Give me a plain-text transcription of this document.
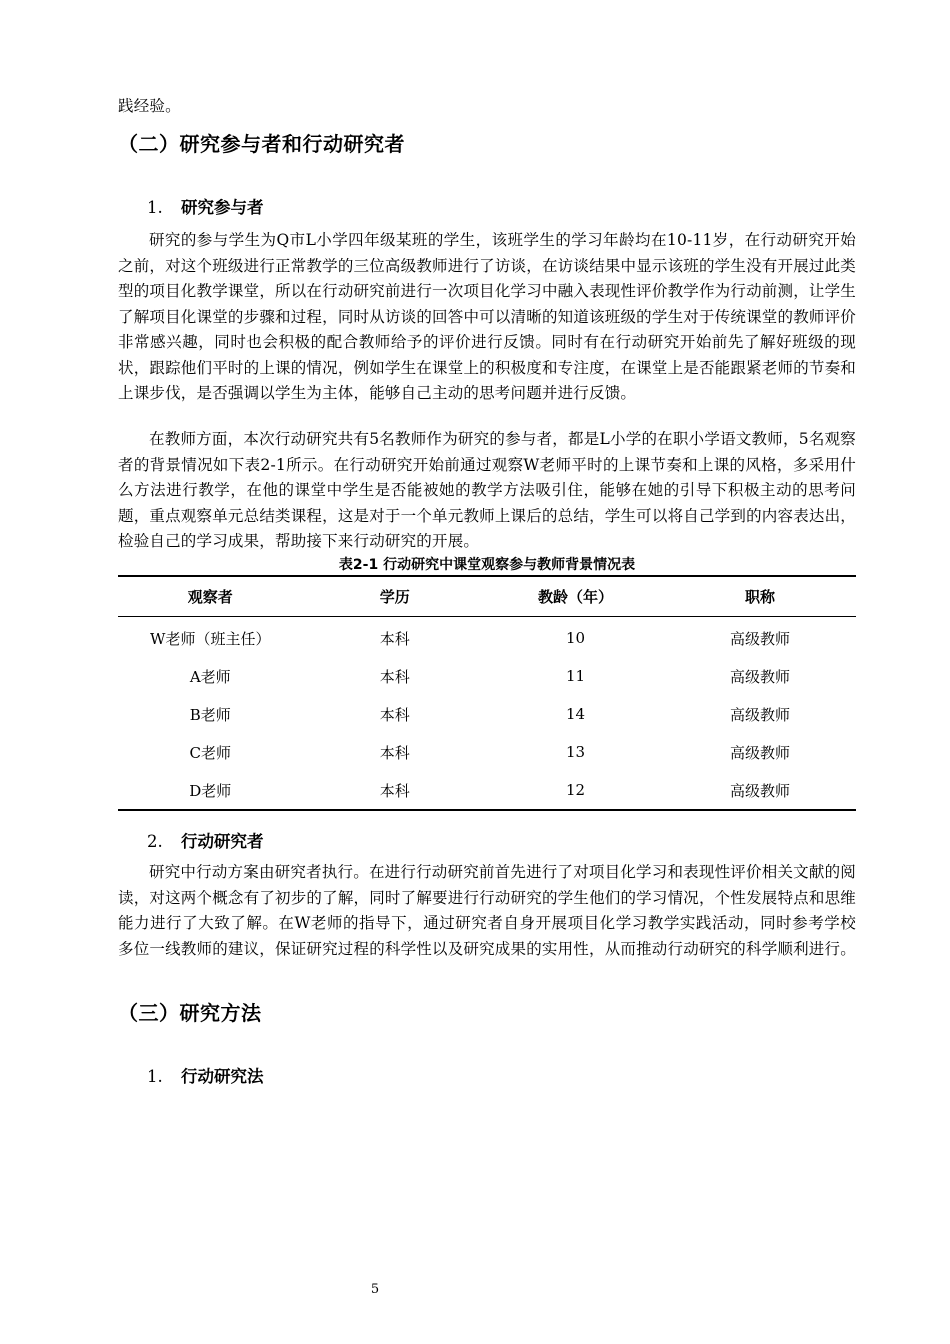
践经验。

（二）研究参与者和行动研究者
1. 研究参与者

研究的参与学生为Q市L小学四年级某班的学生，该班学生的学习年龄均在10-11岁，在行动研究开始之前，对这个班级进行正常教学的三位高级教师进行了访谈，在访谈结果中显示该班的学生没有开展过此类型的项目化教学课堂，所以在行动研究前进行一次项目化学习中融入表现性评价教学作为行动前测，让学生了解项目化课堂的步骤和过程，同时从访谈的回答中可以清晰的知道该班级的学生对于传统课堂的教师评价非常感兴趣，同时也会积极的配合教师给予的评价进行反馈。同时有在行动研究开始前先了解好班级的现状，跟踪他们平时的上课的情况，例如学生在课堂上的积极度和专注度，在课堂上是否能跟紧老师的节奏和上课步伐，是否强调以学生为主体，能够自己主动的思考问题并进行反馈。

在教师方面，本次行动研究共有5名教师作为研究的参与者，都是L小学的在职小学语文教师，5名观察者的背景情况如下表2-1所示。在行动研究开始前通过观察W老师平时的上课节奏和上课的风格，多采用什么方法进行教学，在他的课堂中学生是否能被她的教学方法吸引住，能够在她的引导下积极主动的思考问题，重点观察单元总结类课程，这是对于一个单元教师上课后的总结，学生可以将自己学到的内容表达出，检验自己的学习成果，帮助接下来行动研究的开展。

表2-1 行动研究中课堂观察参与教师背景情况表

观察者	学历	教龄（年）	职称
W老师（班主任）	本科	10	高级教师
A老师	本科	11	高级教师
B老师	本科	14	高级教师
C老师	本科	13	高级教师
D老师	本科	12	高级教师
2. 行动研究者

研究中行动方案由研究者执行。在进行行动研究前首先进行了对项目化学习和表现性评价相关文献的阅读，对这两个概念有了初步的了解，同时了解要进行行动研究的学生他们的学习情况，个性发展特点和思维能力进行了大致了解。在W老师的指导下，通过研究者自身开展项目化学习教学实践活动，同时参考学校多位一线教师的建议，保证研究过程的科学性以及研究成果的实用性，从而推动行动研究的科学顺利进行。

（三）研究方法
1. 行动研究法
5
